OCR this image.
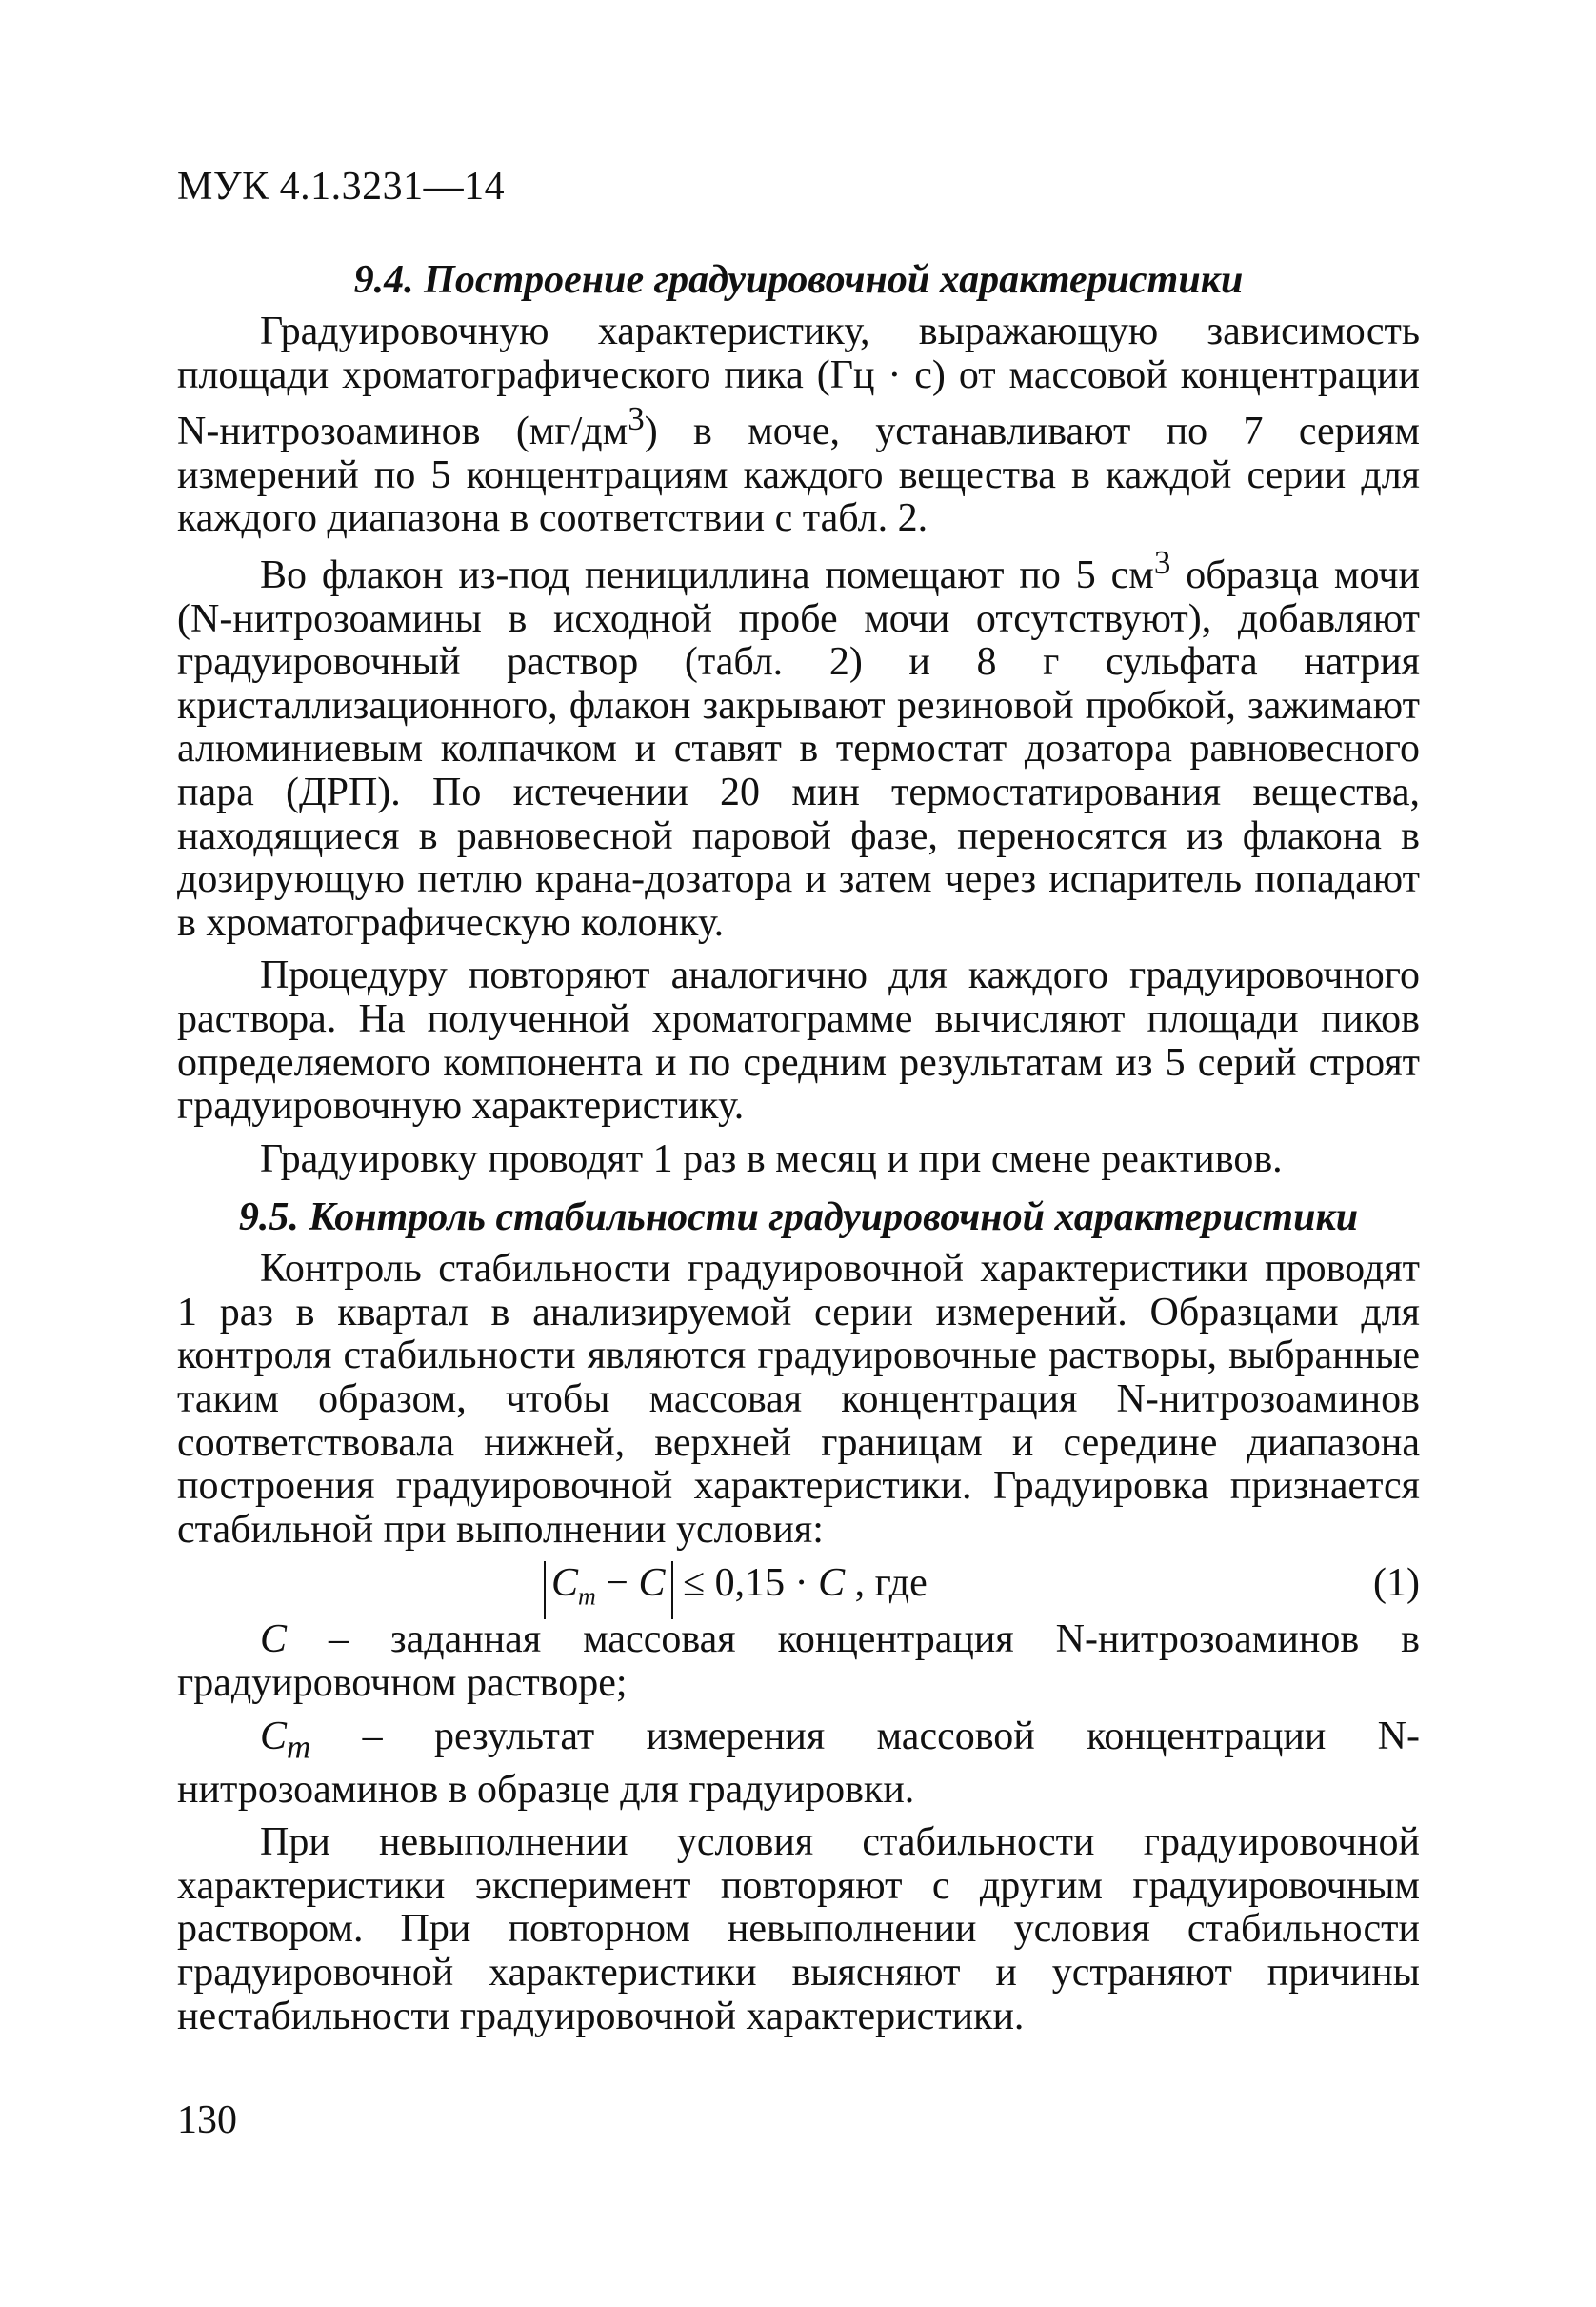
МУК 4.1.3231—14
9.4. Построение градуировочной характеристики

Градуировочную характеристику, выражающую зависимость площади хроматографического пика (Гц · с) от массовой концентрации N-нитрозоаминов $(мг/дм^3)$ в моче, устанавливают по 7 сериям измерений по 5 концентрациям каждого вещества в каждой серии для каждого диапазона в соответствии с табл. 2.

Во флакон из-под пенициллина помещают по 5 $см^3$ образца мочи (N-нитрозоамины в исходной пробе мочи отсутствуют), добавляют градуировочный раствор (табл. 2) и 8 г сульфата натрия кристаллизационного, флакон закрывают резиновой пробкой, зажимают алюминиевым колпачком и ставят в термостат дозатора равновесного пара (ДРП). По истечении 20 мин термостатирования вещества, находящиеся в равновесной паровой фазе, переносятся из флакона в дозирующую петлю крана-дозатора и затем через испаритель попадают в хроматографическую колонку.

Процедуру повторяют аналогично для каждого градуировочного раствора. На полученной хроматограмме вычисляют площади пиков определяемого компонента и по средним результатам из 5 серий строят градуировочную характеристику.

Градуировку проводят 1 раз в месяц и при смене реактивов.

9.5. Контроль стабильности градуировочной характеристики

Контроль стабильности градуировочной характеристики проводят 1 раз в квартал в анализируемой серии измерений. Образцами для контроля стабильности являются градуировочные растворы, выбранные таким образом, чтобы массовая концентрация N-нитрозоаминов соответствовала нижней, верхней границам и середине диапазона построения градуировочной характеристики. Градуировка признается стабильной при выполнении условия:

$C_m - C \le 0,15 \cdot C$ , где	(1)

C – заданная массовая концентрация N-нитрозоаминов в градуировочном растворе;

$C_m$ – результат измерения массовой концентрации N-нитрозоаминов в образце для градуировки.

При невыполнении условия стабильности градуировочной характеристики эксперимент повторяют с другим градуировочным раствором. При повторном невыполнении условия стабильности градуировочной характеристики выясняют и устраняют причины нестабильности градуировочной характеристики.

130
